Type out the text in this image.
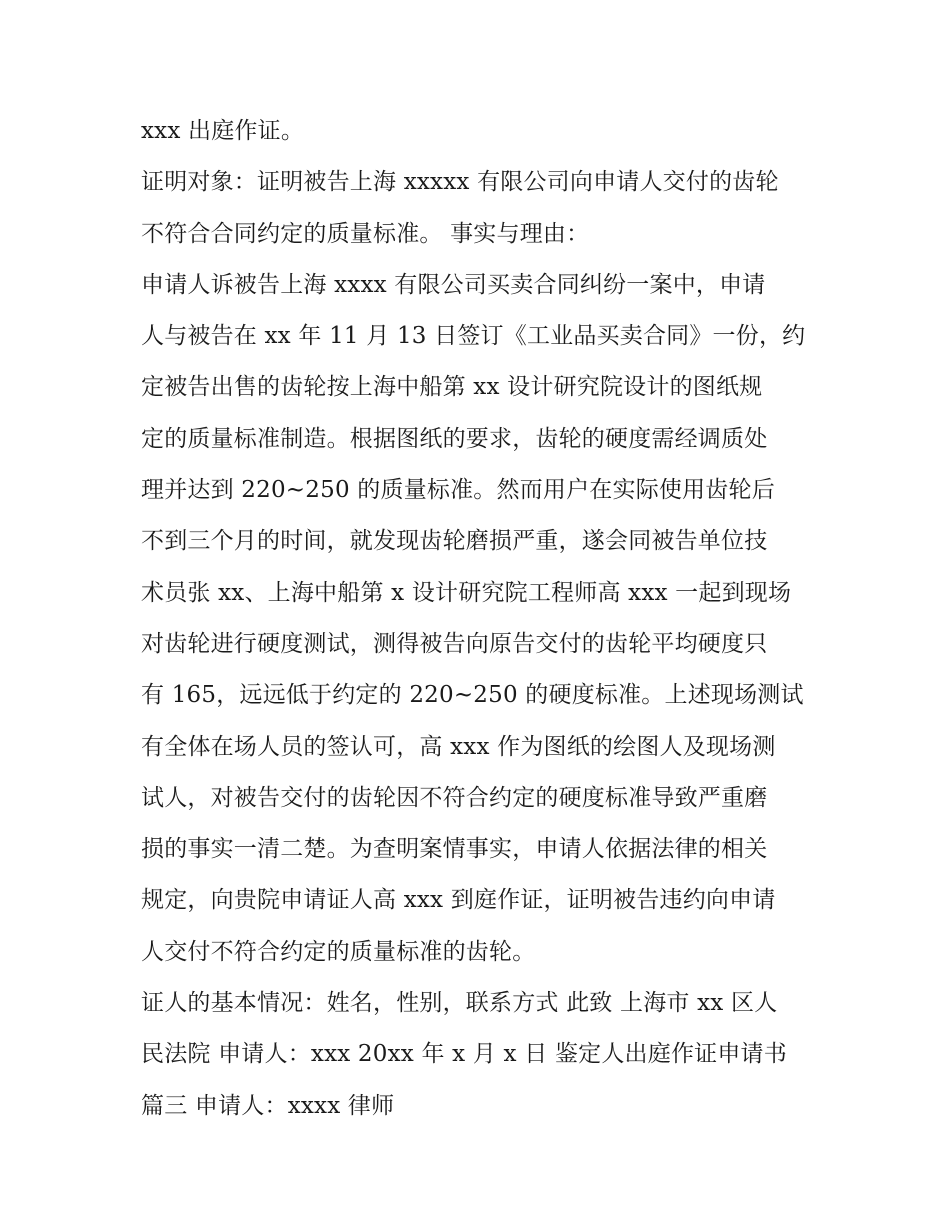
xxx 出庭作证。
证明对象：证明被告上海 xxxxx 有限公司向申请人交付的齿轮
不符合合同约定的质量标准。 事实与理由：
申请人诉被告上海 xxxx 有限公司买卖合同纠纷一案中，申请
人与被告在 xx 年 11 月 13 日签订《工业品买卖合同》一份，约
定被告出售的齿轮按上海中船第 xx 设计研究院设计的图纸规
定的质量标准制造。根据图纸的要求，齿轮的硬度需经调质处
理并达到 220~250 的质量标准。然而用户在实际使用齿轮后
不到三个月的时间，就发现齿轮磨损严重，遂会同被告单位技
术员张 xx、上海中船第 x 设计研究院工程师高 xxx 一起到现场
对齿轮进行硬度测试，测得被告向原告交付的齿轮平均硬度只
有 165，远远低于约定的 220~250 的硬度标准。上述现场测试
有全体在场人员的签认可，高 xxx 作为图纸的绘图人及现场测
试人，对被告交付的齿轮因不符合约定的硬度标准导致严重磨
损的事实一清二楚。为查明案情事实，申请人依据法律的相关
规定，向贵院申请证人高 xxx 到庭作证，证明被告违约向申请
人交付不符合约定的质量标准的齿轮。
证人的基本情况：姓名，性别，联系方式 此致 上海市 xx 区人
民法院 申请人：xxx 20xx 年 x 月 x 日 鉴定人出庭作证申请书
篇三 申请人：xxxx 律师
